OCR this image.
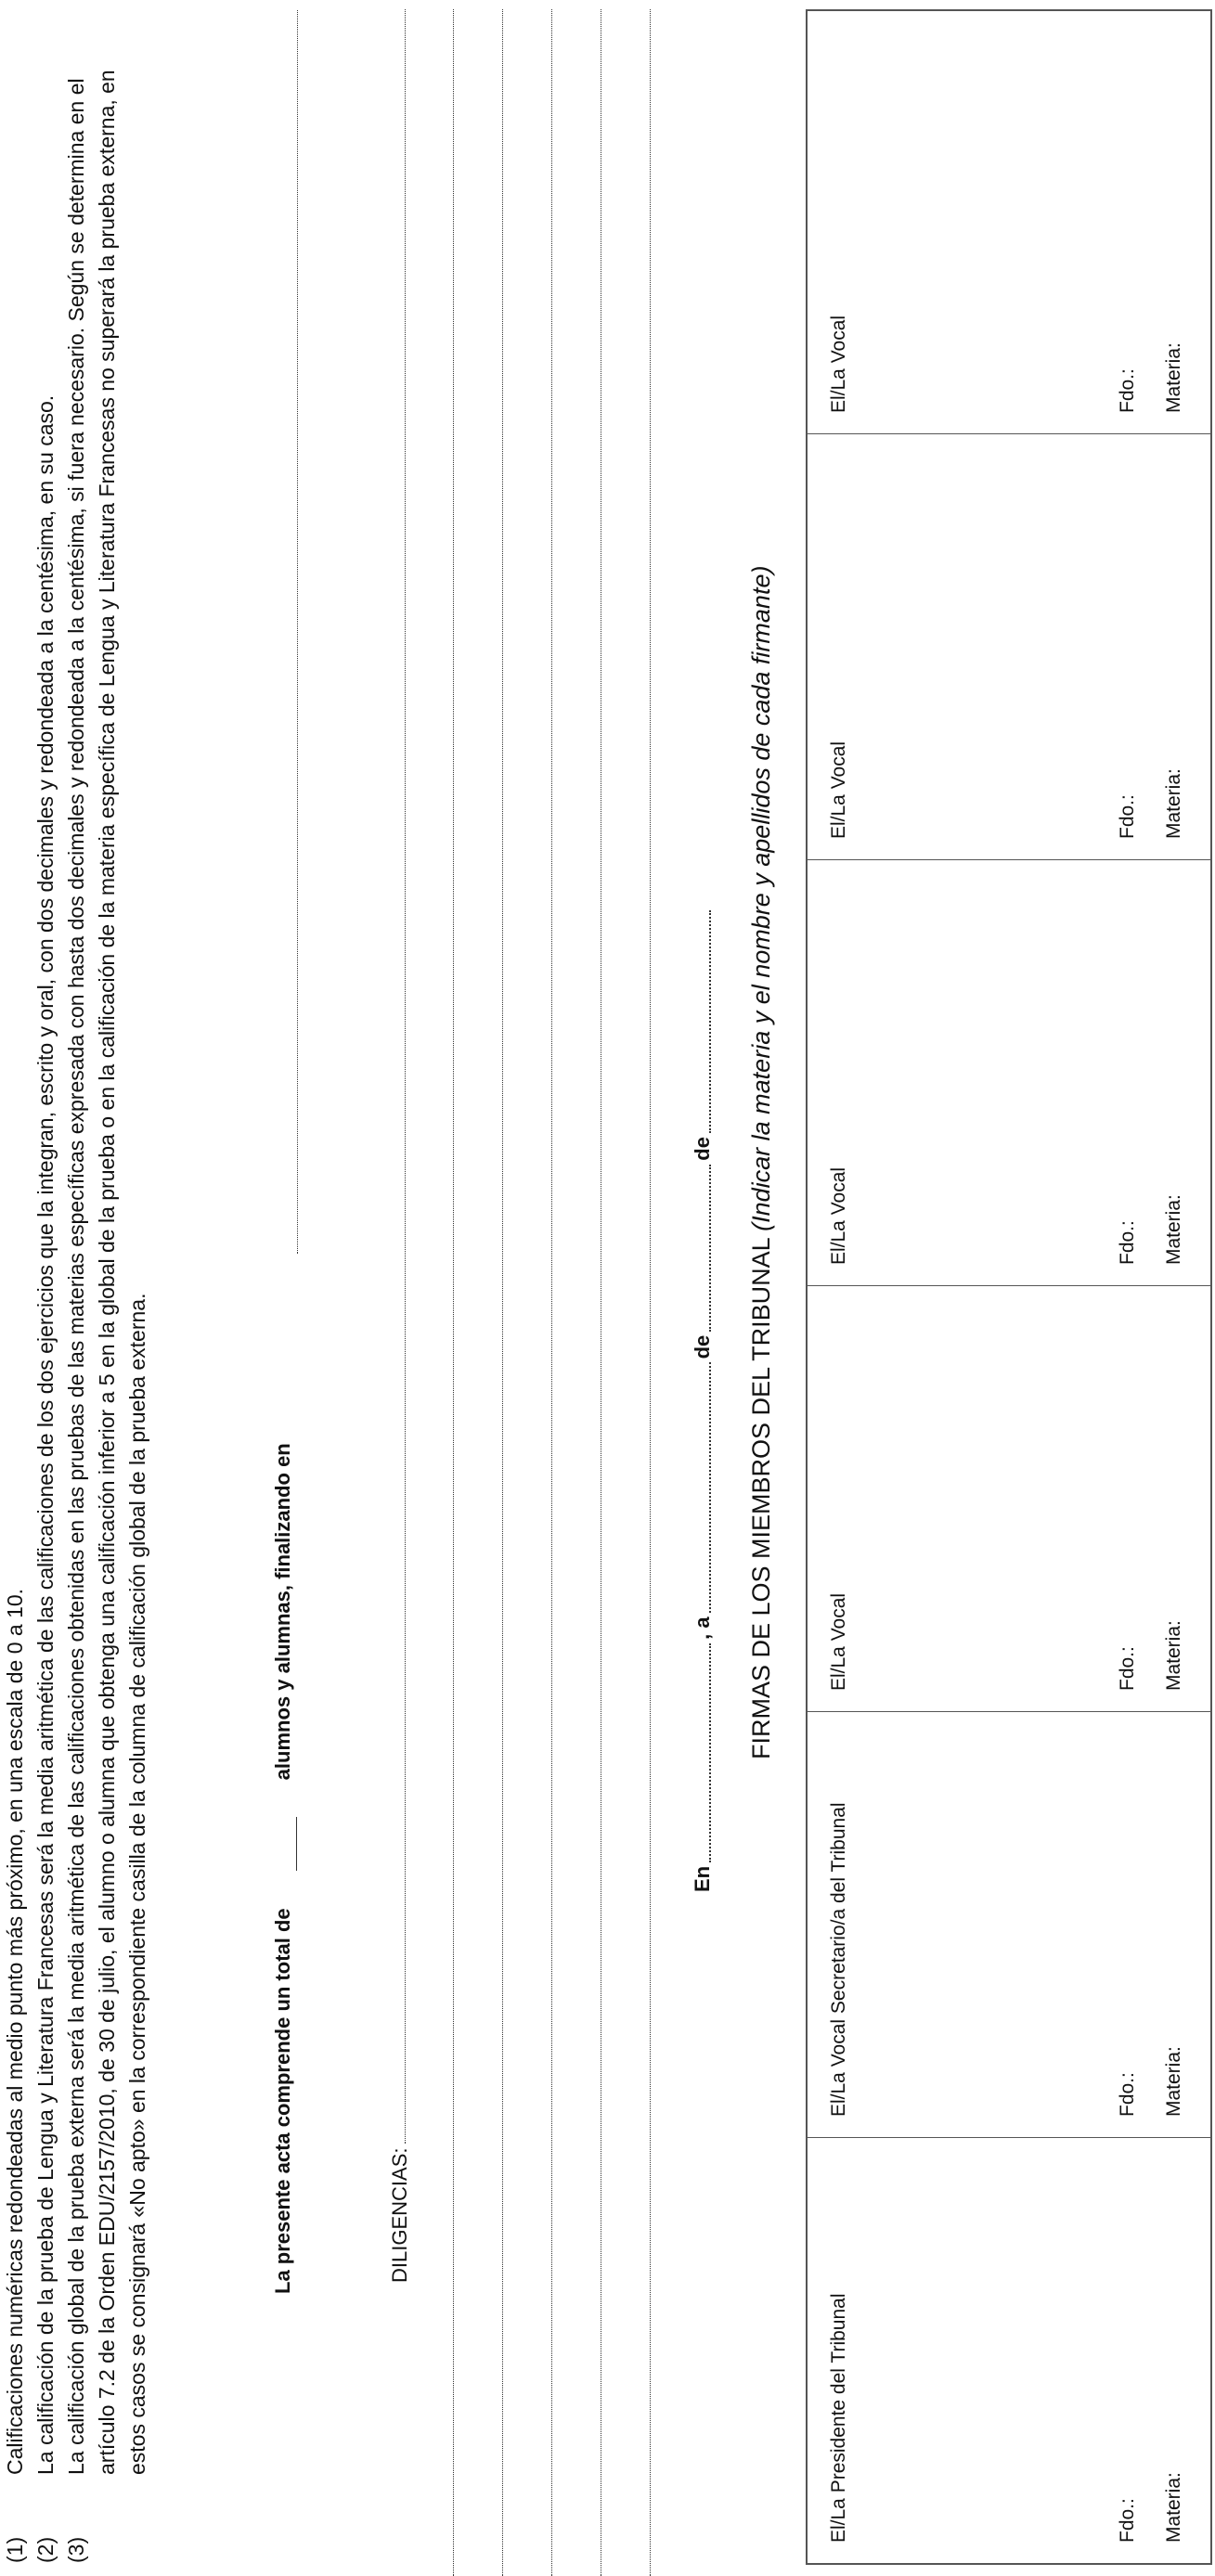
(1)
Calificaciones numéricas redondeadas al medio punto más próximo, en una escala de 0 a 10.
(2)
La calificación de la prueba de Lengua y Literatura Francesas será la media aritmética de las calificaciones de los dos ejercicios que la integran, escrito y oral, con dos decimales y redondeada a la centésima, en su caso.
(3)
La calificación global de la prueba externa será la media aritmética de las calificaciones obtenidas en las pruebas de las materias específicas expresada con hasta dos decimales y redondeada a la centésima, si fuera necesario. Según se determina en el artículo 7.2 de la Orden EDU/2157/2010, de 30 de julio, el alumno o alumna que obtenga una calificación inferior a 5 en la global de la prueba o en la calificación de la materia específica de Lengua y Literatura Francesas no superará la prueba externa, en estos casos se consignará «No apto» en la correspondiente casilla de la columna de calificación global de la prueba externa.	La presente acta comprende un total dealumnos y alumnas, finalizando en
DILIGENCIAS:
En, adede
FIRMAS DE LOS MIEMBROS DEL TRIBUNAL (Indicar la materia y el nombre y apellidos de cada firmante)
El/La Presidente del Tribunal	Fdo.: Materia:
El/La Vocal Secretario/a del Tribunal	Fdo.: Materia:
El/La Vocal	Fdo.: Materia:
El/La Vocal	Fdo.: Materia:
El/La Vocal	Fdo.: Materia:
El/La Vocal	Fdo.: Materia:
